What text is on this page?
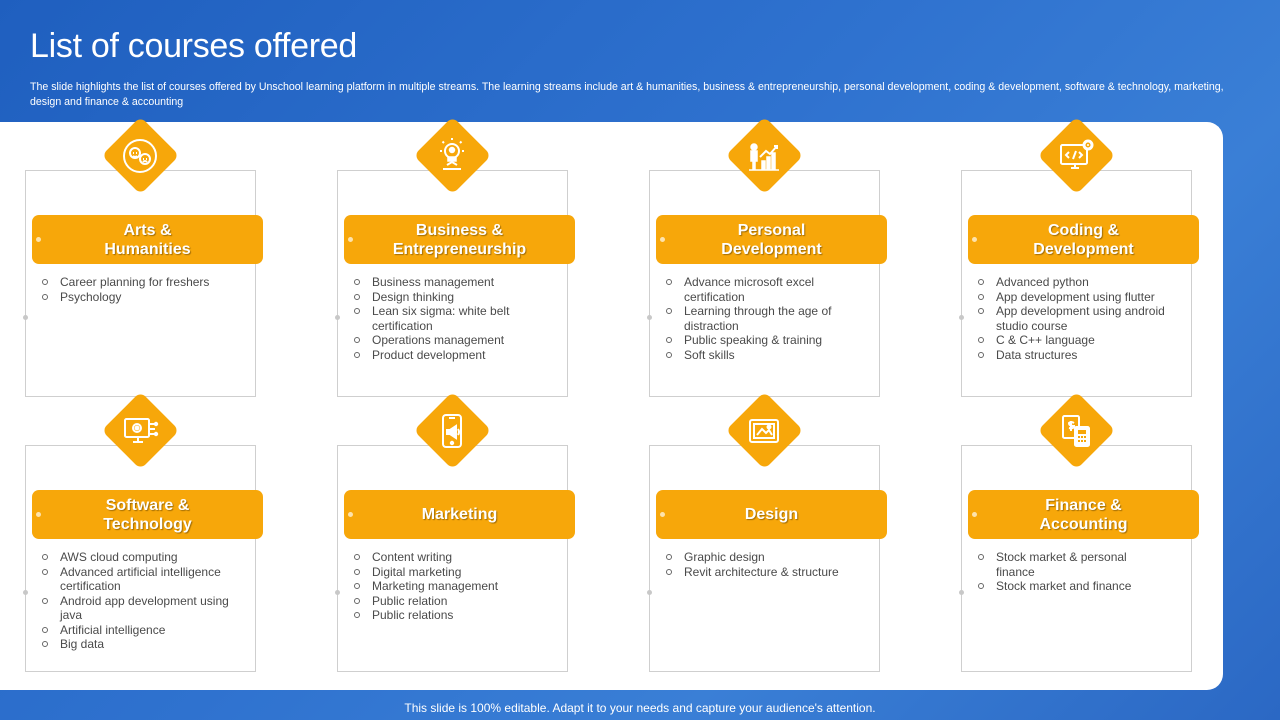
List of courses offered
The slide highlights the list of courses offered by Unschool learning platform in multiple streams. The learning streams include art & humanities, business & entrepreneurship, personal development, coding & development, software & technology, marketing, design and finance & accounting
Arts &
Humanities
Career planning for freshers
Psychology
Business &
Entrepreneurship
Business management
Design thinking
Lean six sigma: white belt certification
Operations management
Product development
Personal
Development
Advance microsoft excel certification
Learning through the age of distraction
Public speaking & training
Soft skills
Coding &
Development
Advanced python
App development using flutter
App development using android studio course
C & C++ language
Data structures
Software &
Technology
AWS cloud computing
Advanced artificial intelligence certification
Android app development using java
Artificial intelligence
Big data
Marketing
Content writing
Digital marketing
Marketing management
Public relation
Public relations
Design
Graphic design
Revit architecture & structure
Finance &
Accounting
Stock market & personal finance
Stock market and finance
This slide is 100% editable. Adapt it to your needs and capture your audience's attention.
